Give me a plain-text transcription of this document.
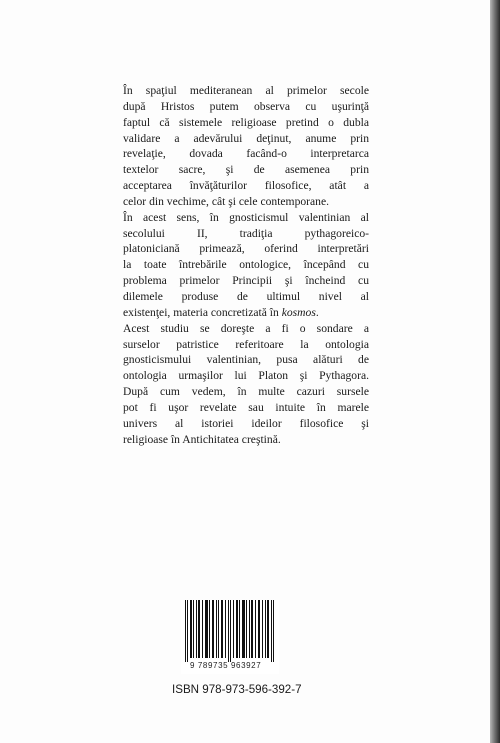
În spaţiul mediteranean al primelor secole
după Hristos putem observa cu uşurinţă
faptul că sistemele religioase pretind o dubla
validare a adevărului deţinut, anume prin
revelaţie, dovada facând-o interpretarca
textelor sacre, şi de asemenea prin
acceptarea învăţăturilor filosofice, atât a
celor din vechime, cât şi cele contemporane.
În acest sens, în gnosticismul valentinian al
secolului II, tradiţia pythagoreico-
platoniciană primează, oferind interpretări
la toate întrebările ontologice, începând cu
problema primelor Principii şi încheind cu
dilemele produse de ultimul nivel al
existenţei, materia concretizată în kosmos.
Acest studiu se doreşte a fi o sondare a
surselor patristice referitoare la ontologia
gnosticismului valentinian, pusa alături de
ontologia urmaşilor lui Platon şi Pythagora.
După cum vedem, în multe cazuri sursele
pot fi uşor revelate sau intuite în marele
univers al istoriei ideilor filosofice şi
religioase în Antichitatea creştină.
9 789735 963927
ISBN 978-973-596-392-7
